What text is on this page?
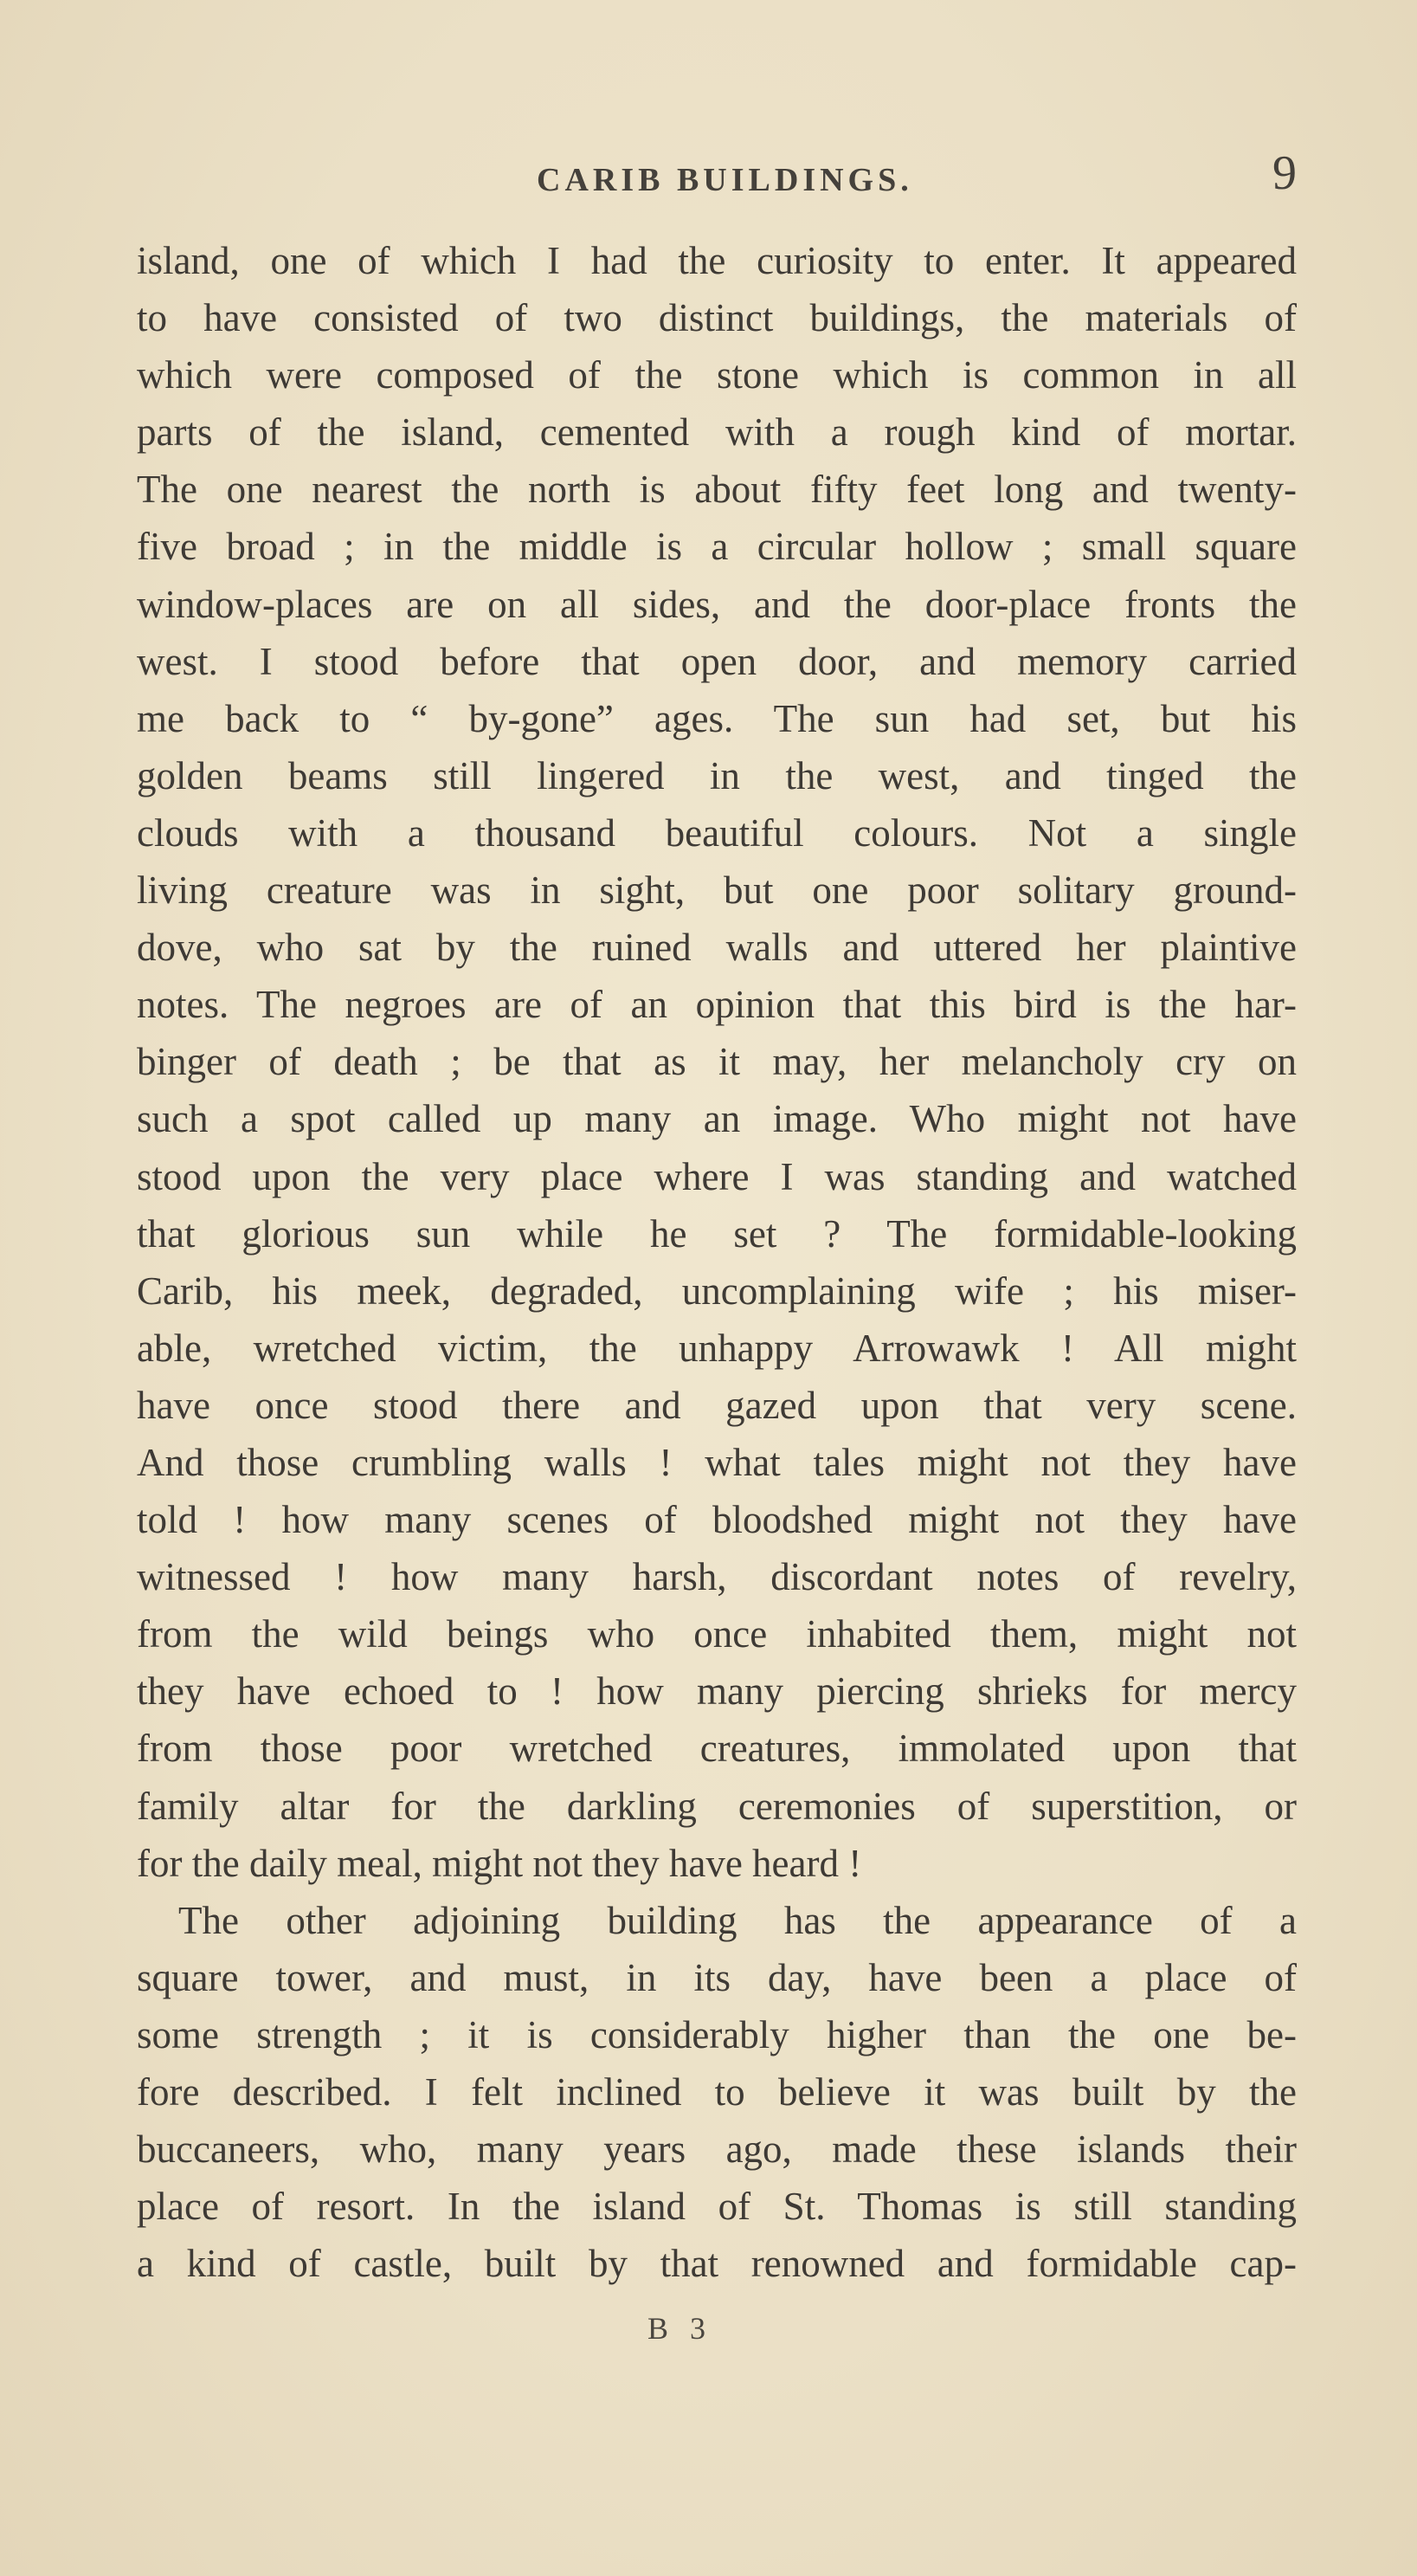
CARIB BUILDINGS.	9
island, one of which I had the curiosity to enter. It appeared
to have consisted of two distinct buildings, the materials of
which were composed of the stone which is common in all
parts of the island, cemented with a rough kind of mortar.
The one nearest the north is about fifty feet long and twenty-
five broad ; in the middle is a circular hollow ; small square
window-places are on all sides, and the door-place fronts the
west. I stood before that open door, and memory carried
me back to “ by-gone” ages. The sun had set, but his
golden beams still lingered in the west, and tinged the
clouds with a thousand beautiful colours. Not a single
living creature was in sight, but one poor solitary ground-
dove, who sat by the ruined walls and uttered her plaintive
notes. The negroes are of an opinion that this bird is the har-
binger of death ; be that as it may, her melancholy cry on
such a spot called up many an image. Who might not have
stood upon the very place where I was standing and watched
that glorious sun while he set ? The formidable-looking
Carib, his meek, degraded, uncomplaining wife ; his miser-
able, wretched victim, the unhappy Arrowawk ! All might
have once stood there and gazed upon that very scene.
And those crumbling walls ! what tales might not they have
told ! how many scenes of bloodshed might not they have
witnessed ! how many harsh, discordant notes of revelry,
from the wild beings who once inhabited them, might not
they have echoed to ! how many piercing shrieks for mercy
from those poor wretched creatures, immolated upon that
family altar for the darkling ceremonies of superstition, or
for the daily meal, might not they have heard !
The other adjoining building has the appearance of a
square tower, and must, in its day, have been a place of
some strength ; it is considerably higher than the one be-
fore described. I felt inclined to believe it was built by the
buccaneers, who, many years ago, made these islands their
place of resort. In the island of St. Thomas is still standing
a kind of castle, built by that renowned and formidable cap-
B 3
